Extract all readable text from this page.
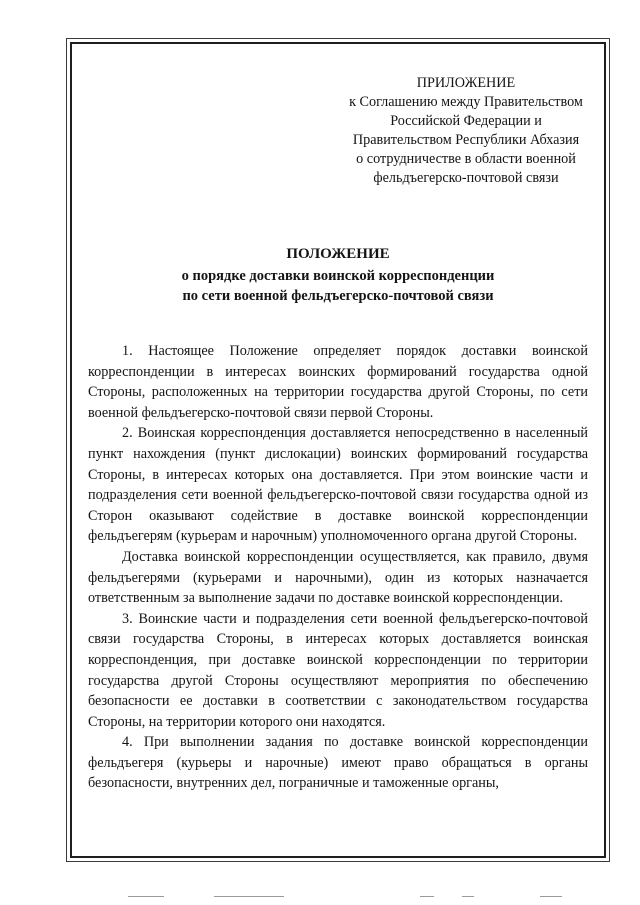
ПРИЛОЖЕНИЕ
к Соглашению между Правительством
Российской Федерации и
Правительством Республики Абхазия
о сотрудничестве в области военной
фельдъегерско-почтовой связи
ПОЛОЖЕНИЕ
о порядке доставки воинской корреспонденции
по сети военной фельдъегерско-почтовой связи

1. Настоящее Положение определяет порядок доставки воинской корреспонденции в интересах воинских формирований государства одной Стороны, расположенных на территории государства другой Стороны, по сети военной фельдъегерско-почтовой связи первой Стороны.

2. Воинская корреспонденция доставляется непосредственно в населенный пункт нахождения (пункт дислокации) воинских формирований государства Стороны, в интересах которых она доставляется. При этом воинские части и подразделения сети военной фельдъегерско-почтовой связи государства одной из Сторон оказывают содействие в доставке воинской корреспонденции фельдъегерям (курьерам и нарочным) уполномоченного органа другой Стороны.

Доставка воинской корреспонденции осуществляется, как правило, двумя фельдъегерями (курьерами и нарочными), один из которых назначается ответственным за выполнение задачи по доставке воинской корреспонденции.

3. Воинские части и подразделения сети военной фельдъегерско-почтовой связи государства Стороны, в интересах которых доставляется воинская корреспонденция, при доставке воинской корреспонденции по территории государства другой Стороны осуществляют мероприятия по обеспечению безопасности ее доставки в соответствии с законодательством государства Стороны, на территории которого они находятся.

4. При выполнении задания по доставке воинской корреспонденции фельдъегеря (курьеры и нарочные) имеют право обращаться в органы безопасности, внутренних дел, пограничные и таможенные органы,
